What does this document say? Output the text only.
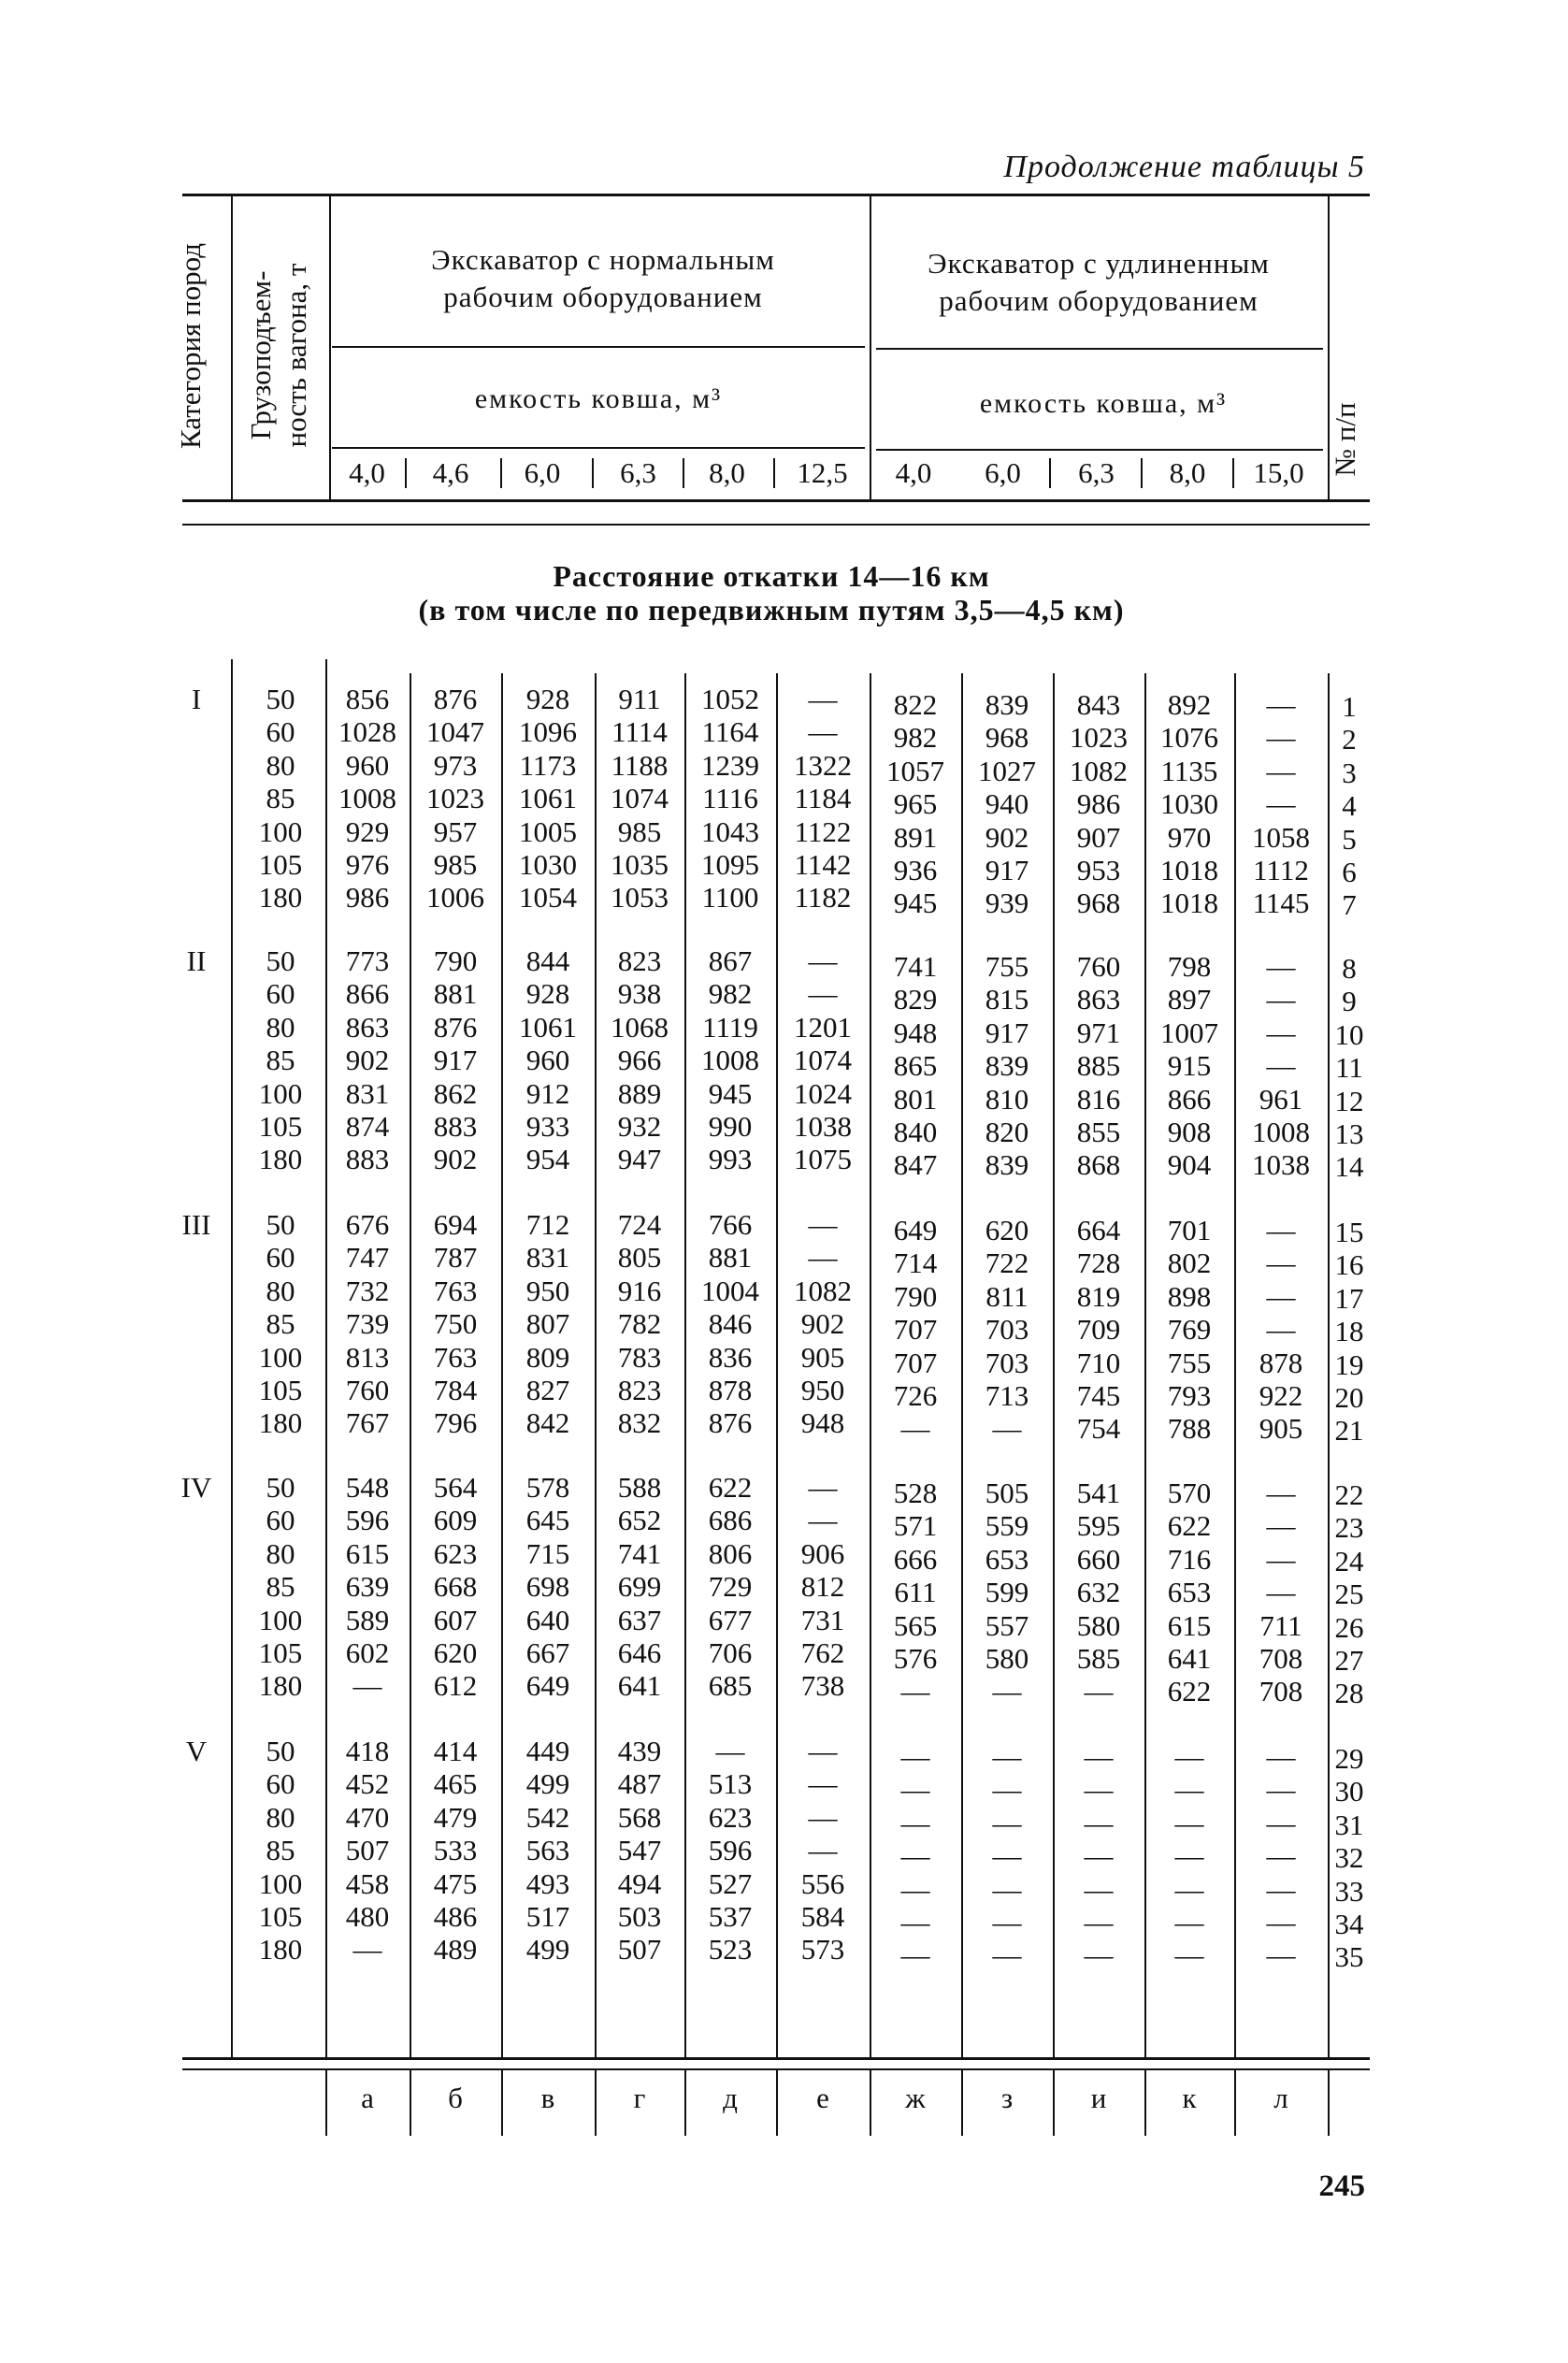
Продолжение таблицы 5
Категория пород Грузоподъем- ность вагона, т	№ п/п
Экскаватор с нормальным
рабочим оборудованием
Экскаватор с удлиненным
рабочим оборудованием
емкость ковша, м³	емкость ковша, м³
4,0	4,6	6,0	6,3	8,0	12,5	4,0	6,0	6,3	8,0	15,0
Расстояние откатки 14—16 км
(в том числе по передвижным путям 3,5—4,5 км)
I	50	856	876	928	911	1052	—	822	839	843	892	—	1
60	1028	1047	1096	1114	1164	—	982	968	1023	1076	—	2
80	960	973	1173	1188	1239	1322	1057	1027	1082	1135	—	3
85	1008	1023	1061	1074	1116	1184	965	940	986	1030	—	4
100	929	957	1005	985	1043	1122	891	902	907	970	1058	5
105	976	985	1030	1035	1095	1142	936	917	953	1018	1112	6
180	986	1006	1054	1053	1100	1182	945	939	968	1018	1145	7
II	50	773	790	844	823	867	—	741	755	760	798	—	8
60	866	881	928	938	982	—	829	815	863	897	—	9
80	863	876	1061	1068	1119	1201	948	917	971	1007	—	10
85	902	917	960	966	1008	1074	865	839	885	915	—	11
100	831	862	912	889	945	1024	801	810	816	866	961	12
105	874	883	933	932	990	1038	840	820	855	908	1008 13
180	883	902	954	947	993	1075	847	839	868	904	1038 14
III	50	676	694	712	724	766	—	649	620	664	701	—	15
60	747	787	831	805	881	—	714	722	728	802	—	16
80	732	763	950	916	1004	1082	790	811	819	898	—	17
85	739	750	807	782	846	902	707	703	709	769	—	18
100	813	763	809	783	836	905	707	703	710	755	878	19
105	760	784	827	823	878	950	726	713	745	793	922	20
180	767	796	842	832	876	948	—	—	754	788	905	21
IV	50	548	564	578	588	622	—	528	505	541	570	—	22
60	596	609	645	652	686	—	571	559	595	622	—	23
80	615	623	715	741	806	906	666	653	660	716	—	24
85	639	668	698	699	729	812	611	599	632	653	—	25
100	589	607	640	637	677	731	565	557	580	615	711	26
105	602	620	667	646	706	762	576	580	585	641	708	27
180	—	612	649	641	685	738	—	—	—	622	708	28
V	50	418	414	449	439	—	—	—	—	—	—	—	29
60	452	465	499	487	513	—	—	—	—	—	—	30
80	470	479	542	568	623	—	—	—	—	—	—	31
85	507	533	563	547	596	—	—	—	—	—	—	32
100	458	475	493	494	527	556	—	—	—	—	—	33
105	480	486	517	503	537	584	—	—	—	—	—	34
180	—	489	499	507	523	573	—	—	—	—	—	35
а	б	в	г	д	е	ж	з	и	к	л
245
